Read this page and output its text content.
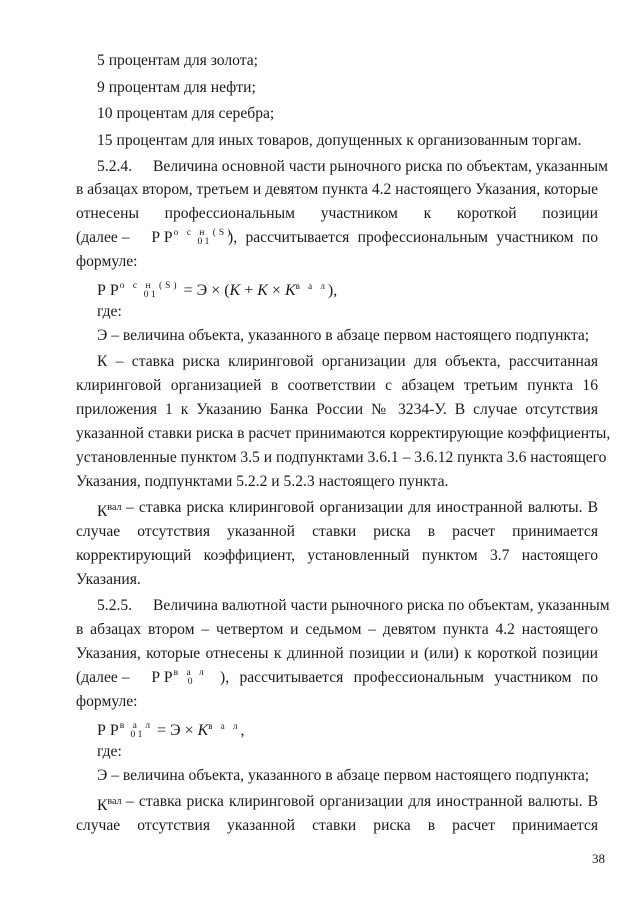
5 процентам для золота;
9 процентам для нефти;
10 процентам для серебра;
15 процентам для иных товаров, допущенных к организованным торгам.
5.2.4. Величина основной части рыночного риска по объектам, указанным
в абзацах втором, третьем и девятом пункта 4.2 настоящего Указания, которые
отнесены профессиональным участником к короткой позиции
(далее – Р Р о с н (S)
0 1	), рассчитывается профессиональным участником по
формуле:
Р Р о с н (S)
0 1	= $Э \times (K + K \times K^{в а л})$,
где:
Э – величина объекта, указанного в абзаце первом настоящего подпункта;
К – ставка риска клиринговой организации для объекта, рассчитанная
клиринговой организацией в соответствии с абзацем третьим пункта 16
приложения 1 к Указанию Банка России № 3234-У. В случае отсутствия
указанной ставки риска в расчет принимаются корректирующие коэффициенты,
установленные пунктом 3.5 и подпунктами 3.6.1 – 3.6.12 пункта 3.6 настоящего
Указания, подпунктами 5.2.2 и 5.2.3 настоящего пункта.
$К^{вал}$ – ставка риска клиринговой организации для иностранной валюты. В
случае отсутствия указанной ставки риска в расчет принимается
корректирующий коэффициент, установленный пунктом 3.7 настоящего
Указания.
5.2.5. Величина валютной части рыночного риска по объектам, указанным
в абзацах втором – четвертом и седьмом – девятом пункта 4.2 настоящего
Указания, которые отнесены к длинной позиции и (или) к короткой позиции
(далее – Р Р в а л
0	), рассчитывается профессиональным участником по
формуле:
Р Р в а л
0 $1 = Э \times K^{в а л}$,
где:
Э – величина объекта, указанного в абзаце первом настоящего подпункта;
$К^{вал}$ – ставка риска клиринговой организации для иностранной валюты. В
случае отсутствия указанной ставки риска в расчет принимается
38
